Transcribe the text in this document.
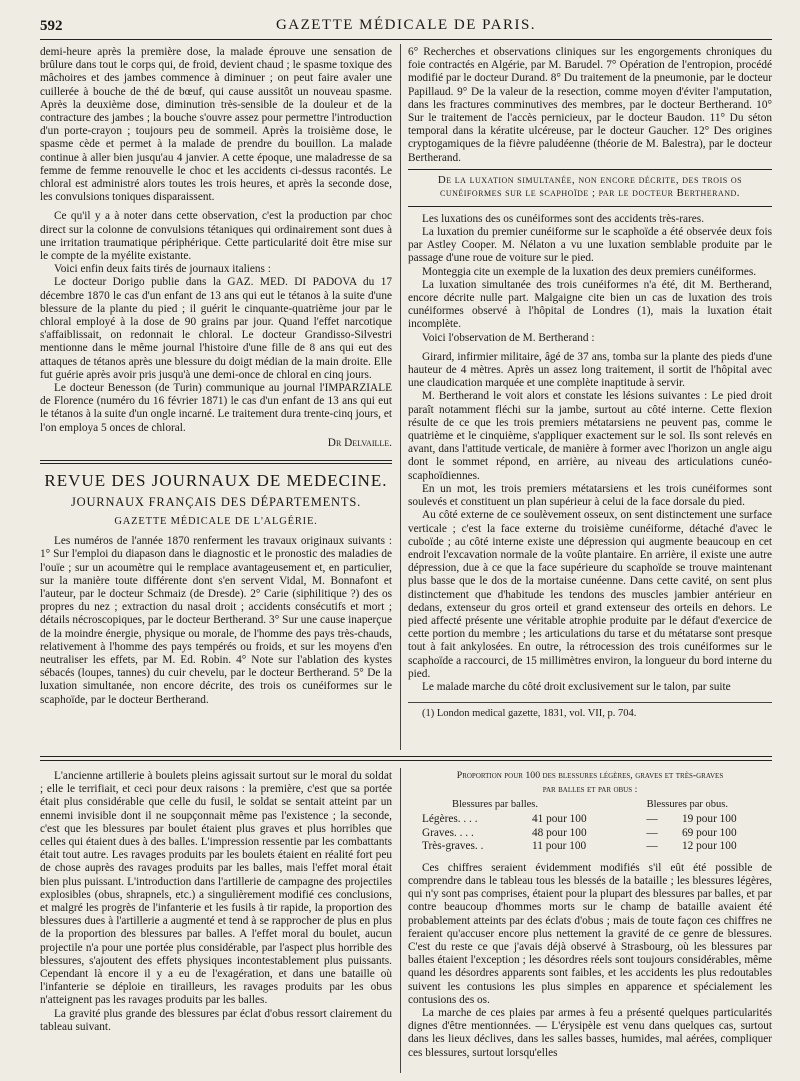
592	GAZETTE MÉDICALE DE PARIS.

demi-heure après la première dose, la malade éprouve une sensation de brûlure dans tout le corps qui, de froid, devient chaud ; le spasme toxique des mâchoires et des jambes commence à diminuer ; on peut faire avaler une cuillerée à bouche de thé de bœuf, qui cause aussitôt un nouveau spasme. Après la deuxième dose, diminution très-sensible de la douleur et de la contracture des jambes ; la bouche s'ouvre assez pour permettre l'introduction d'un porte-crayon ; toujours peu de sommeil. Après la troisième dose, le spasme cède et permet à la malade de prendre du bouillon. La malade continue à aller bien jusqu'au 4 janvier. A cette époque, une maladresse de sa femme de femme renouvelle le choc et les accidents ci-dessus racontés. Le chloral est administré alors toutes les trois heures, et après la seconde dose, les convulsions toniques disparaissent.

Ce qu'il y a à noter dans cette observation, c'est la production par choc direct sur la colonne de convulsions tétaniques qui ordinairement sont dues à une irritation traumatique périphérique. Cette particularité doit être mise sur le compte de la myélite existante.

Voici enfin deux faits tirés de journaux italiens :

Le docteur Dorigo publie dans la GAZ. MED. DI PADOVA du 17 décembre 1870 le cas d'un enfant de 13 ans qui eut le tétanos à la suite d'une blessure de la plante du pied ; il guérit le cinquante-quatrième jour par le chloral employé à la dose de 90 grains par jour. Quand l'effet narcotique s'affaiblissait, on redonnait le chloral. Le docteur Grandisso-Silvestri mentionne dans le même journal l'histoire d'une fille de 8 ans qui eut des attaques de tétanos après une blessure du doigt médian de la main droite. Elle fut guérie après avoir pris jusqu'à une demi-once de chloral en cinq jours.

Le docteur Benesson (de Turin) communique au journal l'IMPARZIALE de Florence (numéro du 16 février 1871) le cas d'un enfant de 13 ans qui eut le tétanos à la suite d'un ongle incarné. Le traitement dura trente-cinq jours, et l'on employa 5 onces de chloral.

Dr Delvaille.
REVUE DES JOURNAUX DE MEDECINE.
JOURNAUX FRANÇAIS DES DÉPARTEMENTS.
GAZETTE MÉDICALE DE L'ALGÉRIE.

Les numéros de l'année 1870 renferment les travaux originaux suivants : 1° Sur l'emploi du diapason dans le diagnostic et le pronostic des maladies de l'ouïe ; sur un acoumètre qui le remplace avantageusement et, en particulier, sur la manière toute différente dont s'en servent Vidal, M. Bonnafont et l'auteur, par le docteur Schmaiz (de Dresde). 2° Carie (siphilitique ?) des os propres du nez ; extraction du nasal droit ; accidents consécutifs et mort ; détails nécroscopiques, par le docteur Bertherand. 3° Sur une cause inaperçue de la moindre énergie, physique ou morale, de l'homme des pays très-chauds, relativement à l'homme des pays tempérés ou froids, et sur les moyens d'en neutraliser les effets, par M. Ed. Robin. 4° Note sur l'ablation des kystes sébacés (loupes, tannes) du cuir chevelu, par le docteur Bertherand. 5° De la luxation simultanée, non encore décrite, des trois os cunéiformes sur le scaphoïde, par le docteur Bertherand.

6° Recherches et observations cliniques sur les engorgements chroniques du foie contractés en Algérie, par M. Barudel. 7° Opération de l'entropion, procédé modifié par le docteur Durand. 8° Du traitement de la pneumonie, par le docteur Papillaud. 9° De la valeur de la resection, comme moyen d'éviter l'amputation, dans les fractures comminutives des membres, par le docteur Bertherand. 10° Sur le traitement de l'accès pernicieux, par le docteur Baudon. 11° Du séton temporal dans la kératite ulcéreuse, par le docteur Gaucher. 12° Des origines cryptogamiques de la fièvre paludéenne (théorie de M. Balestra), par le docteur Bertherand.

De la luxation simultanée, non encore décrite, des trois os cunéiformes sur le scaphoïde ; par le docteur Bertherand.

Les luxations des os cunéiformes sont des accidents très-rares.

La luxation du premier cunéiforme sur le scaphoïde a été observée deux fois par Astley Cooper. M. Nélaton a vu une luxation semblable produite par le passage d'une roue de voiture sur le pied.

Monteggia cite un exemple de la luxation des deux premiers cunéiformes.

La luxation simultanée des trois cunéiformes n'a été, dit M. Bertherand, encore décrite nulle part. Malgaigne cite bien un cas de luxation des trois cunéiformes observé à l'hôpital de Londres (1), mais la luxation était incomplète.

Voici l'observation de M. Bertherand :

Girard, infirmier militaire, âgé de 37 ans, tomba sur la plante des pieds d'une hauteur de 4 mètres. Après un assez long traitement, il sortit de l'hôpital avec une claudication marquée et une complète inaptitude à servir.

M. Bertherand le voit alors et constate les lésions suivantes : Le pied droit paraît notamment fléchi sur la jambe, surtout au côté interne. Cette flexion résulte de ce que les trois premiers métatarsiens ne peuvent pas, comme le quatrième et le cinquième, s'appliquer exactement sur le sol. Ils sont relevés en avant, dans l'attitude verticale, de manière à former avec l'horizon un angle aigu dont le sommet répond, en arrière, au niveau des articulations cunéo-scaphoïdiennes.

En un mot, les trois premiers métatarsiens et les trois cunéiformes sont soulevés et constituent un plan supérieur à celui de la face dorsale du pied.

Au côté externe de ce soulèvement osseux, on sent distinctement une surface verticale ; c'est la face externe du troisième cunéiforme, détaché d'avec le cuboïde ; au côté interne existe une dépression qui augmente beaucoup en cet endroit l'excavation normale de la voûte plantaire. En arrière, il existe une autre dépression, due à ce que la face supérieure du scaphoïde se trouve maintenant plus basse que le dos de la mortaise cunéenne. Dans cette cavité, on sent plus distinctement que d'habitude les tendons des muscles jambier antérieur en dedans, extenseur du gros orteil et grand extenseur des orteils en dehors. Le pied affecté présente une véritable atrophie produite par le défaut d'exercice de cette portion du membre ; les articulations du tarse et du métatarse sont presque tout à fait ankylosées. En outre, la rétrocession des trois cunéiformes sur le scaphoïde a raccourci, de 15 millimètres environ, la longueur du bord interne du pied.

Le malade marche du côté droit exclusivement sur le talon, par suite

(1) London medical gazette, 1831, vol. VII, p. 704.

L'ancienne artillerie à boulets pleins agissait surtout sur le moral du soldat ; elle le terrifiait, et ceci pour deux raisons : la première, c'est que sa portée était plus considérable que celle du fusil, le soldat se sentait atteint par un ennemi invisible dont il ne soupçonnait même pas l'existence ; la seconde, c'est que les blessures par boulet étaient plus graves et plus horribles que celles qui étaient dues à des balles. L'impression ressentie par les combattants était tout autre. Les ravages produits par les boulets étaient en réalité fort peu de chose auprès des ravages produits par les balles, mais l'effet moral était bien plus puissant. L'introduction dans l'artillerie de campagne des projectiles explosibles (obus, shrapnels, etc.) a singulièrement modifié ces conclusions, et malgré les progrès de l'infanterie et les fusils à tir rapide, la proportion des blessures dues à l'artillerie a augmenté et tend à se rapprocher de plus en plus de la proportion des blessures par balles. A l'effet moral du boulet, aucun projectile n'a pour une portée plus considérable, par l'aspect plus horrible des blessures, s'ajoutent des effets physiques incontestablement plus puissants. Cependant là encore il y a eu de l'exagération, et dans une bataille où l'infanterie se déploie en tirailleurs, les ravages produits par les obus n'atteignent pas les ravages produits par les balles.

La gravité plus grande des blessures par éclat d'obus ressort clairement du tableau suivant.

Proportion pour 100 des blessures légères, graves et très-graves
par balles et par obus :
Blessures par balles.	Blessures par obus.
Légères. . . .	41 pour 100	—	19 pour 100
Graves. . . .	48 pour 100	—	69 pour 100
Très-graves. .	11 pour 100	—	12 pour 100

Ces chiffres seraient évidemment modifiés s'il eût été possible de comprendre dans le tableau tous les blessés de la bataille ; les blessures légères, qui n'y sont pas comprises, étaient pour la plupart des blessures par balles, et par contre beaucoup d'hommes morts sur le champ de bataille avaient été probablement atteints par des éclats d'obus ; mais de toute façon ces chiffres ne feraient qu'accuser encore plus nettement la gravité de ce genre de blessures. C'est du reste ce que j'avais déjà observé à Strasbourg, où les blessures par balles étaient l'exception ; les désordres réels sont toujours considérables, même quand les désordres apparents sont faibles, et les accidents les plus redoutables suivent les contusions les plus simples en apparence et spécialement les contusions des os.

La marche de ces plaies par armes à feu a présenté quelques particularités dignes d'être mentionnées. — L'érysipèle est venu dans quelques cas, surtout dans les lieux déclives, dans les salles basses, humides, mal aérées, compliquer ces blessures, surtout lorsqu'elles
